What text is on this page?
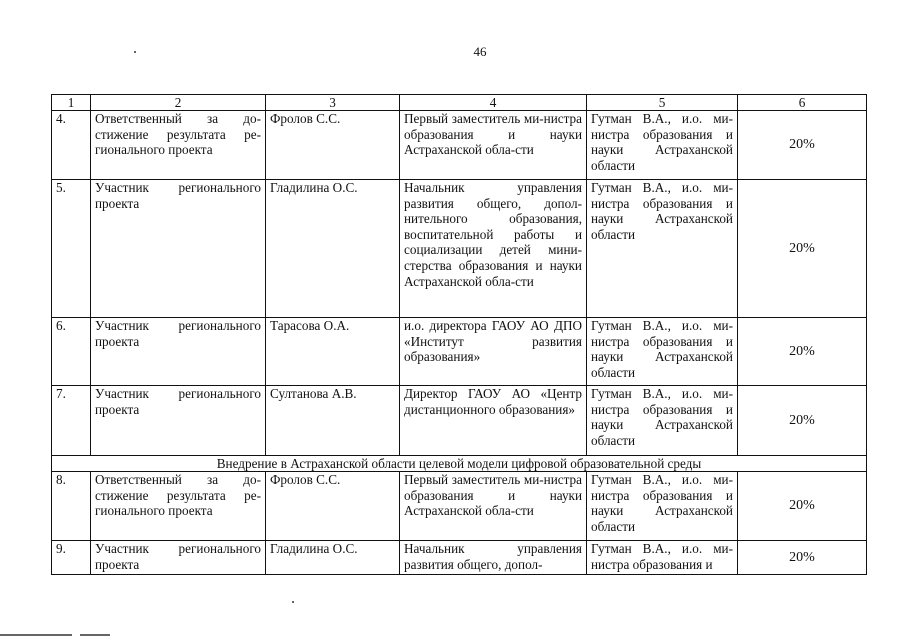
46
1	2	3	4	5	6
4.	Ответственный за до-стижение результата ре-гионального проекта	Фролов С.С.	Первый заместитель ми-нистра образования и науки Астраханской обла-сти	Гутман В.А., и.о. ми-нистра образования и науки Астраханской области	20%
5.	Участник регионального проекта	Гладилина О.С.	Начальник управления развития общего, допол-нительного образования, воспитательной работы и социализации детей мини-стерства образования и науки Астраханской обла-сти	Гутман В.А., и.о. ми-нистра образования и науки Астраханской области	20%
6.	Участник регионального проекта	Тарасова О.А.	и.о. директора ГАОУ АО ДПО «Институт развития образования»	Гутман В.А., и.о. ми-нистра образования и науки Астраханской области	20%
7.	Участник регионального проекта	Султанова А.В.	Директор ГАОУ АО «Центр дистанционного образования»	Гутман В.А., и.о. ми-нистра образования и науки Астраханской области	20%
Внедрение в Астраханской области целевой модели цифровой образовательной среды					
8.	Ответственный за до-стижение результата ре-гионального проекта	Фролов С.С.	Первый заместитель ми-нистра образования и науки Астраханской обла-сти	Гутман В.А., и.о. ми-нистра образования и науки Астраханской области	20%
9.	Участник регионального проекта	Гладилина О.С.	Начальник управления развития общего, допол-	Гутман В.А., и.о. ми-нистра образования и	20%
